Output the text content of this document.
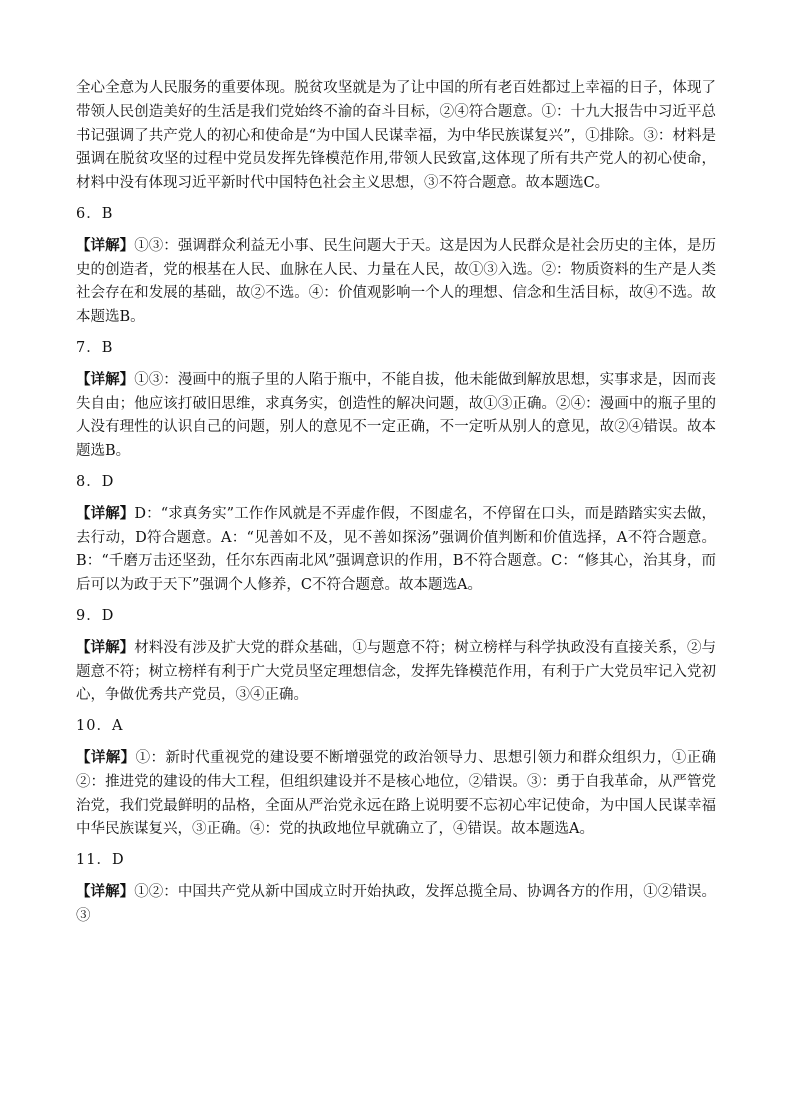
全心全意为人民服务的重要体现。脱贫攻坚就是为了让中国的所有老百姓都过上幸福的日子，体现了带领人民创造美好的生活是我们党始终不渝的奋斗目标，②④符合题意。①：十九大报告中习近平总书记强调了共产党人的初心和使命是“为中国人民谋幸福，为中华民族谋复兴”，①排除。③：材料是强调在脱贫攻坚的过程中党员发挥先锋模范作用,带领人民致富,这体现了所有共产党人的初心使命，材料中没有体现习近平新时代中国特色社会主义思想，③不符合题意。故本题选C。

6．B

【详解】①③：强调群众利益无小事、民生问题大于天。这是因为人民群众是社会历史的主体，是历史的创造者，党的根基在人民、血脉在人民、力量在人民，故①③入选。②：物质资料的生产是人类社会存在和发展的基础，故②不选。④：价值观影响一个人的理想、信念和生活目标，故④不选。故本题选B。

7．B

【详解】①③：漫画中的瓶子里的人陷于瓶中，不能自拔，他未能做到解放思想，实事求是，因而丧失自由；他应该打破旧思维，求真务实，创造性的解决问题，故①③正确。②④：漫画中的瓶子里的人没有理性的认识自己的问题，别人的意见不一定正确，不一定听从别人的意见，故②④错误。故本题选B。

8．D

【详解】D：“求真务实”工作作风就是不弄虚作假，不图虚名，不停留在口头，而是踏踏实实去做，去行动，D符合题意。A：“见善如不及，见不善如探汤”强调价值判断和价值选择，A不符合题意。B：“千磨万击还坚劲，任尔东西南北风”强调意识的作用，B不符合题意。C：“修其心，治其身，而后可以为政于天下”强调个人修养，C不符合题意。故本题选A。

9．D

【详解】材料没有涉及扩大党的群众基础，①与题意不符；树立榜样与科学执政没有直接关系，②与题意不符；树立榜样有利于广大党员坚定理想信念，发挥先锋模范作用，有利于广大党员牢记入党初心，争做优秀共产党员，③④正确。

10．A

【详解】①：新时代重视党的建设要不断增强党的政治领导力、思想引领力和群众组织力，①正确②：推进党的建设的伟大工程，但组织建设并不是核心地位，②错误。③：勇于自我革命，从严管党治党，我们党最鲜明的品格，全面从严治党永远在路上说明要不忘初心牢记使命，为中国人民谋幸福中华民族谋复兴，③正确。④：党的执政地位早就确立了，④错误。故本题选A。

11．D

【详解】①②：中国共产党从新中国成立时开始执政，发挥总揽全局、协调各方的作用，①②错误。③
